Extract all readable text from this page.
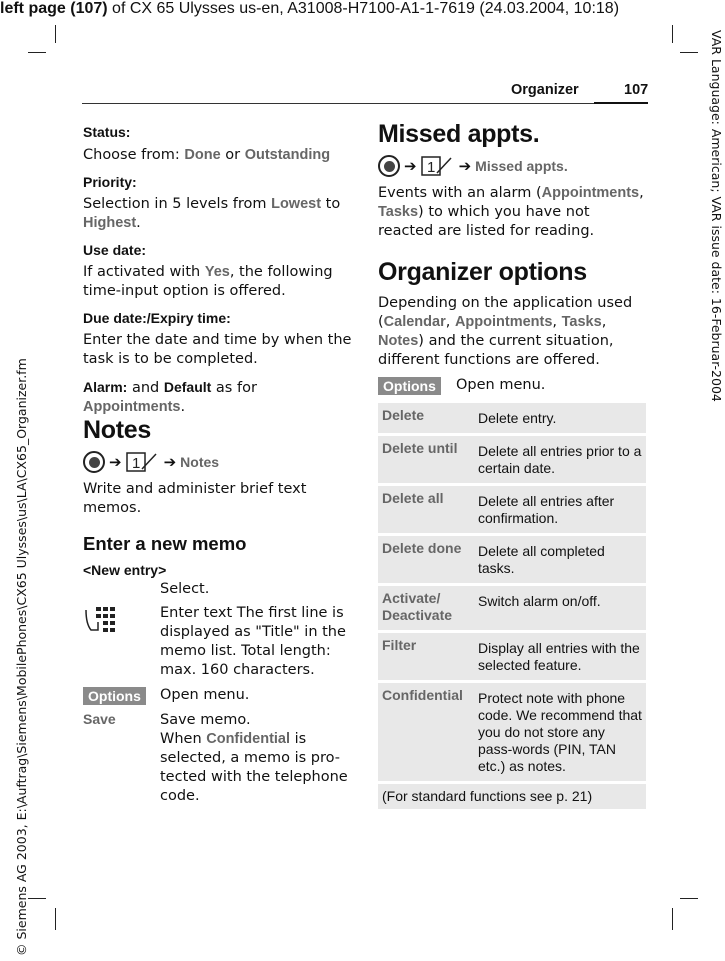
left page (107) of CX 65 Ulysses us-en, A31008-H7100-A1-1-7619 (24.03.2004, 10:18)
Organizer	107
© Siemens AG 2003, E:\Auftrag\Siemens\MobilePhones\CX65 Ulysses\us\LA\CX65_Organizer.fm
VAR Language: American; VAR issue date: 16-Februar-2004
Status:
Choose from: Done or Outstanding
Priority:
Selection in 5 levels from Lowest to
Highest.
Use date:
If activated with Yes, the following time-input option is offered.
Due date:/Expiry time:
Enter the date and time by when the task is to be completed.
Alarm: and Default as for Appointments.
Notes
➔ 1 ➔ Notes
Write and administer brief text memos.
Enter a new memo
<New entry>
Select.
Enter text The first line is displayed as "Title" in the memo list. Total length: max. 160 characters.
Options	Open menu.
Save	Save memo.
When Confidential is selected, a memo is pro-tected with the telephone code.
Missed appts.
➔ 1 ➔ Missed appts.
Events with an alarm (Appointments, Tasks) to which you have not reacted are listed for reading.
Organizer options
Depending on the application used (Calendar, Appointments, Tasks, Notes) and the current situation, different functions are offered.
Options	Open menu.
Delete	Delete entry.
Delete until	Delete all entries prior to a certain date.
Delete all	Delete all entries after confirmation.
Delete done	Delete all completed tasks.
Activate/ Deactivate	Switch alarm on/off.
Filter	Display all entries with the selected feature.
Confidential	Protect note with phone code. We recommend that you do not store any pass-words (PIN, TAN etc.) as notes.
(For standard functions see p. 21)
